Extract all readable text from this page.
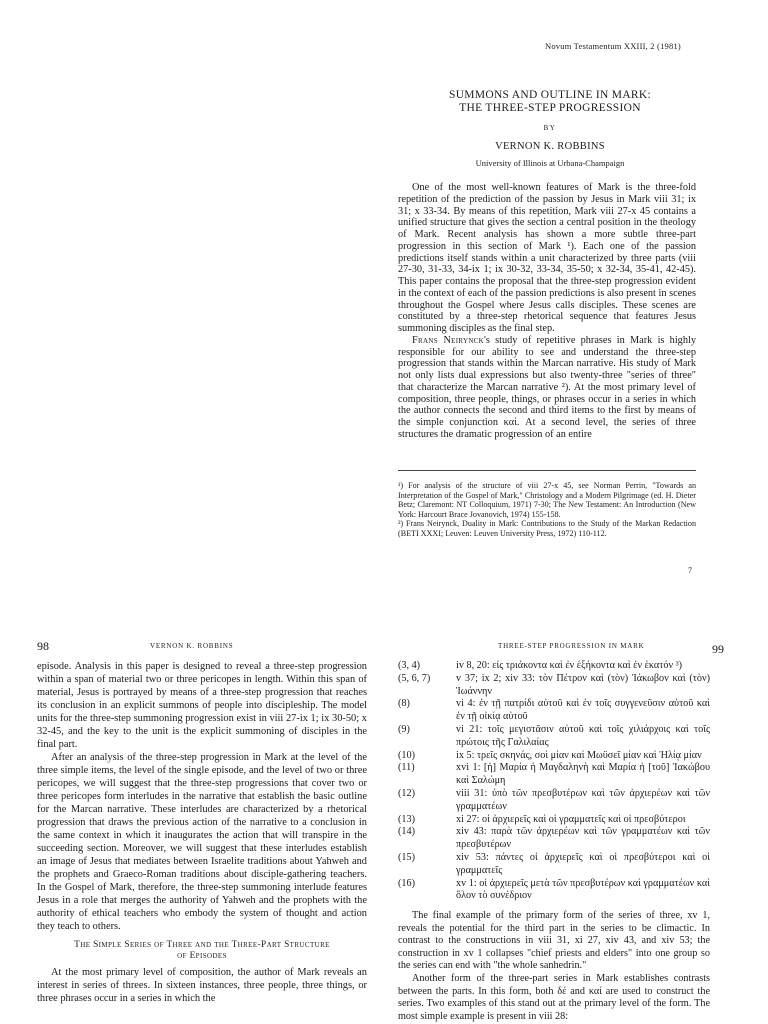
Novum Testamentum XXIII, 2 (1981)
SUMMONS AND OUTLINE IN MARK:
THE THREE-STEP PROGRESSION
BY
VERNON K. ROBBINS
University of Illinois at Urbana-Champaign

One of the most well-known features of Mark is the three-fold repetition of the prediction of the passion by Jesus in Mark viii 31; ix 31; x 33-34. By means of this repetition, Mark viii 27-x 45 contains a unified structure that gives the section a central position in the theology of Mark. Recent analysis has shown a more subtle three-part progression in this section of Mark ¹). Each one of the passion predictions itself stands within a unit characterized by three parts (viii 27-30, 31-33, 34-ix 1; ix 30-32, 33-34, 35-50; x 32-34, 35-41, 42-45). This paper contains the proposal that the three-step progression evident in the context of each of the passion predictions is also present in scenes throughout the Gospel where Jesus calls disciples. These scenes are constituted by a three-step rhetorical sequence that features Jesus summoning disciples as the final step.

Frans Neirynck's study of repetitive phrases in Mark is highly responsible for our ability to see and understand the three-step progression that stands within the Marcan narrative. His study of Mark not only lists dual expressions but also twenty-three "series of three" that characterize the Marcan narrative ²). At the most primary level of composition, three people, things, or phrases occur in a series in which the author connects the second and third items to the first by means of the simple conjunction καί. At a second level, the series of three structures the dramatic progression of an entire

¹) For analysis of the structure of viii 27-x 45, see Norman Perrin, "Towards an Interpretation of the Gospel of Mark," Christology and a Modern Pilgrimage (ed. H. Dieter Betz; Claremont: NT Colloquium, 1971) 7-30; The New Testament: An Introduction (New York: Harcourt Brace Jovanovich, 1974) 155-158.

²) Frans Neirynck, Duality in Mark: Contributions to the Study of the Markan Redaction (BETI XXXI; Leuven: Leuven University Press, 1972) 110-112.

7
98	VERNON K. ROBBINS

episode. Analysis in this paper is designed to reveal a three-step progression within a span of material two or three pericopes in length. Within this span of material, Jesus is portrayed by means of a three-step progression that reaches its conclusion in an explicit summons of people into discipleship. The model units for the three-step summoning progression exist in viii 27-ix 1; ix 30-50; x 32-45, and the key to the unit is the explicit summoning of disciples in the final part.

After an analysis of the three-step progression in Mark at the level of the three simple items, the level of the single episode, and the level of two or three pericopes, we will suggest that the three-step progressions that cover two or three pericopes form interludes in the narrative that establish the basic outline for the Marcan narrative. These interludes are characterized by a rhetorical progression that draws the previous action of the narrative to a conclusion in the same context in which it inaugurates the action that will transpire in the succeeding section. Moreover, we will suggest that these interludes establish an image of Jesus that mediates between Israelite traditions about Yahweh and the prophets and Graeco-Roman traditions about disciple-gathering teachers. In the Gospel of Mark, therefore, the three-step summoning interlude features Jesus in a role that merges the authority of Yahweh and the prophets with the authority of ethical teachers who embody the system of thought and action they teach to others.

The Simple Series of Three and the Three-Part Structure
of Episodes

At the most primary level of composition, the author of Mark reveals an interest in series of threes. In sixteen instances, three people, three things, or three phrases occur in a series in which the

THREE-STEP PROGRESSION IN MARK	99
(3, 4)	iv 8, 20: εἰς τριάκοντα καὶ ἐν ἑξήκοντα καὶ ἐν ἑκατόν ³)
(5, 6, 7)	v 37; ix 2; xiv 33: τὸν Πέτρον καὶ (τὸν) Ἰάκωβον καὶ (τὸν) Ἰωάννην
(8)	vi 4: ἐν τῇ πατρίδι αὐτοῦ καὶ ἐν τοῖς συγγενεῦσιν αὐτοῦ καὶ ἐν τῇ οἰκίᾳ αὐτοῦ
(9)	vi 21: τοῖς μεγιστᾶσιν αὐτοῦ καὶ τοῖς χιλιάρχοις καὶ τοῖς πρώτοις τῆς Γαλιλαίας
(10)	ix 5: τρεῖς σκηνάς, σοὶ μίαν καὶ Μωϋσεῖ μίαν καὶ Ἠλίᾳ μίαν
(11)	xvi 1: [ἡ] Μαρία ἡ Μαγδαληνὴ καὶ Μαρία ἡ [τοῦ] Ἰακώβου καὶ Σαλώμη
(12)	viii 31: ὑπὸ τῶν πρεσβυτέρων καὶ τῶν ἀρχιερέων καὶ τῶν γραμματέων
(13)	xi 27: οἱ ἀρχιερεῖς καὶ οἱ γραμματεῖς καὶ οἱ πρεσβύτεροι
(14)	xiv 43: παρὰ τῶν ἀρχιερέων καὶ τῶν γραμματέων καὶ τῶν πρεσβυτέρων
(15)	xiv 53: πάντες οἱ ἀρχιερεῖς καὶ οἱ πρεσβύτεροι καὶ οἱ γραμματεῖς
(16)	xv 1: οἱ ἀρχιερεῖς μετὰ τῶν πρεσβυτέρων καὶ γραμματέων καὶ ὅλον τὸ συνέδριον

The final example of the primary form of the series of three, xv 1, reveals the potential for the third part in the series to be climactic. In contrast to the constructions in viii 31, xi 27, xiv 43, and xiv 53; the construction in xv 1 collapses "chief priests and elders" into one group so the series can end with "the whole sanhedrin."

Another form of the three-part series in Mark establishes contrasts between the parts. In this form, both δέ and καί are used to construct the series. Two examples of this stand out at the primary level of the form. The most simple example is present in viii 28:
